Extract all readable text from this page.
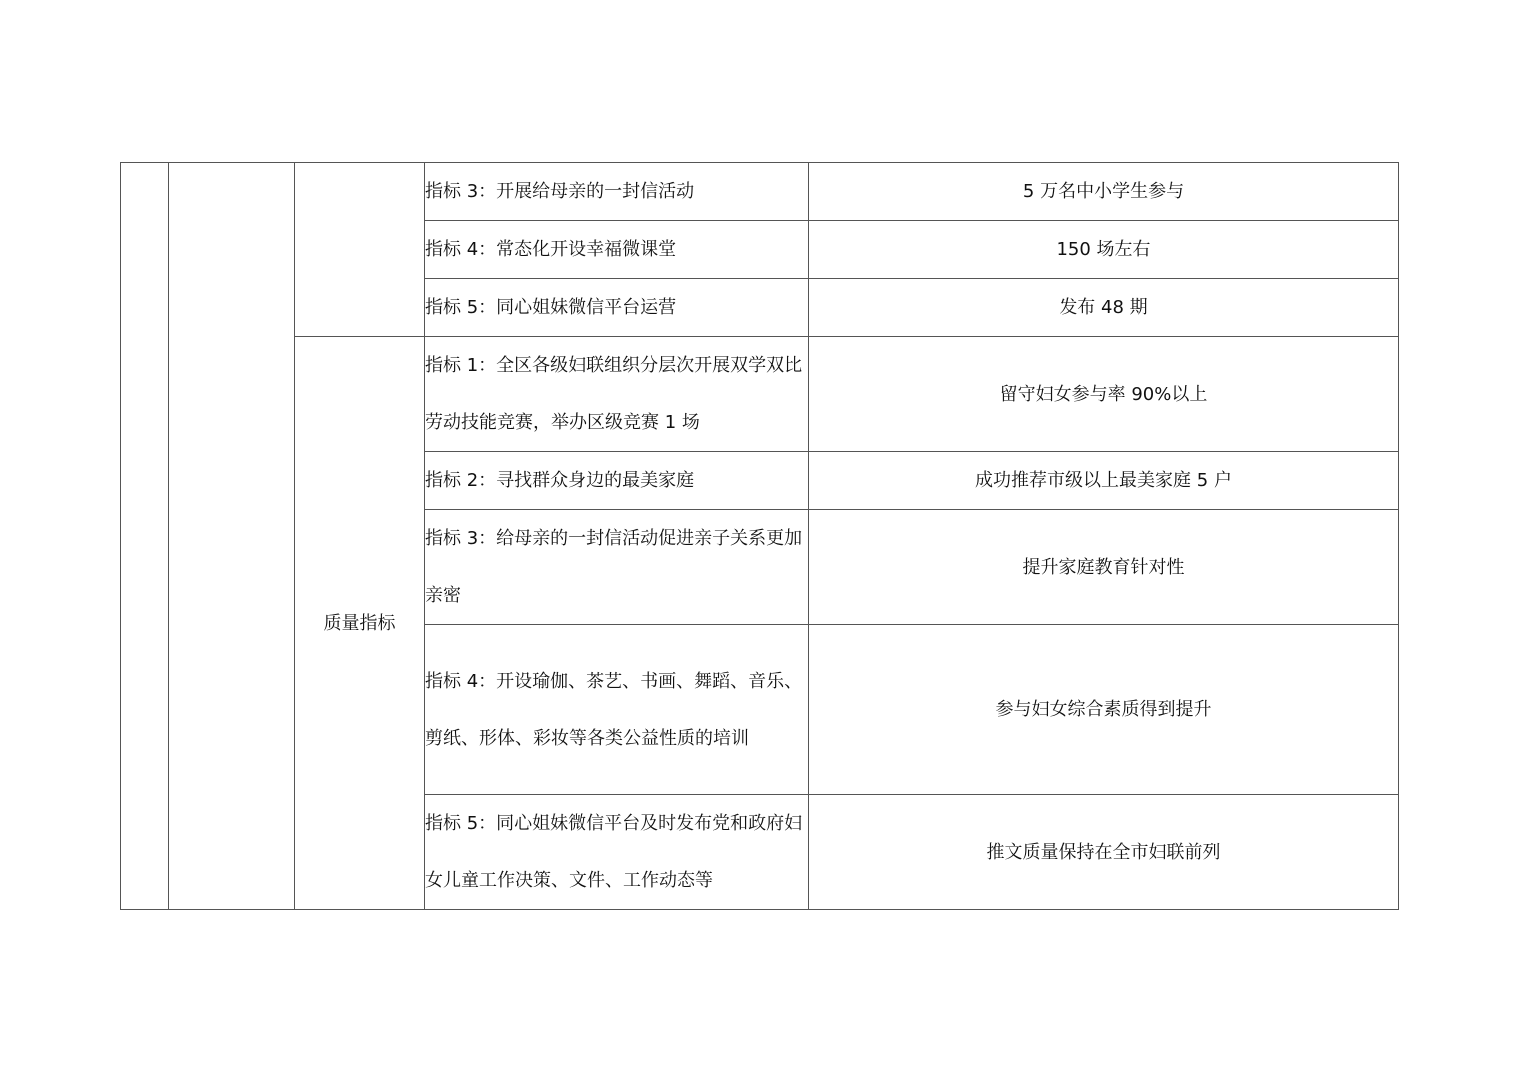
			指标 3：开展给母亲的一封信活动	5 万名中小学生参与

			指标 4：常态化开设幸福微课堂	150 场左右

			指标 5：同心姐妹微信平台运营	发布 48 期

		质量指标	指标 1：全区各级妇联组织分层次开展双学双比劳动技能竞赛，举办区级竞赛 1 场	留守妇女参与率 90%以上

			指标 2：寻找群众身边的最美家庭	成功推荐市级以上最美家庭 5 户

			指标 3：给母亲的一封信活动促进亲子关系更加亲密	提升家庭教育针对性

			指标 4：开设瑜伽、茶艺、书画、舞蹈、音乐、剪纸、形体、彩妆等各类公益性质的培训	参与妇女综合素质得到提升

			指标 5：同心姐妹微信平台及时发布党和政府妇女儿童工作决策、文件、工作动态等	推文质量保持在全市妇联前列
